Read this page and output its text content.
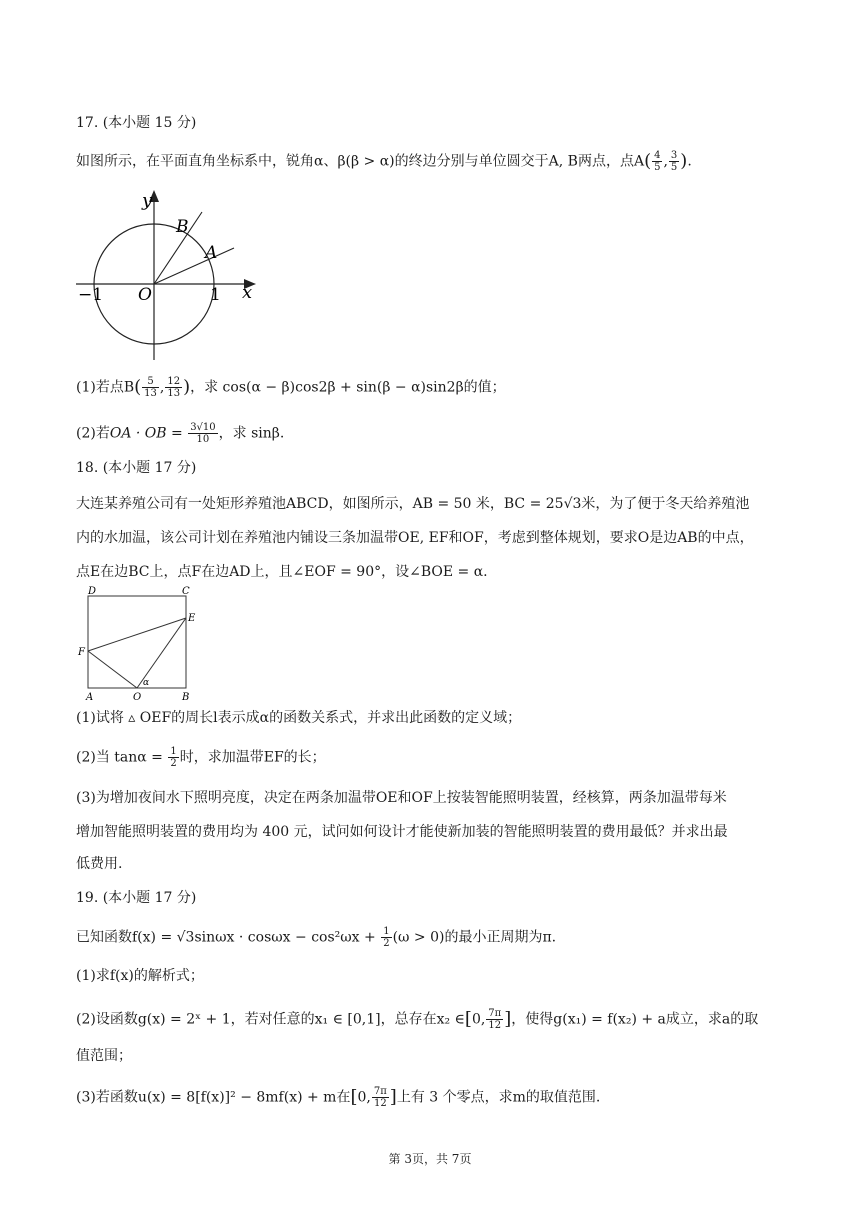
17. (本小题 15 分)
如图所示，在平面直角坐标系中，锐角α、β(β > α)的终边分别与单位圆交于A, B两点，点$A( \frac{4}{5}$ , $\frac{3}{5}$ ).
y
x
B
A
O
−1	1
(1)若点$B( \frac{5}{13}$ , $\frac{12}{13}$ )，求 cos(α − β)cos2β + sin(β − α)sin2β的值；
(2)若OA · OB = $\frac{3√10}{10}$ ，求 sinβ.
18. (本小题 17 分)
大连某养殖公司有一处矩形养殖池ABCD，如图所示，AB = 50 米，BC = 25√3米，为了便于冬天给养殖池
内的水加温，该公司计划在养殖池内铺设三条加温带OE, EF和OF，考虑到整体规划，要求O是边AB的中点，
点E在边BC上，点F在边AD上，且∠EOF = 90°，设∠BOE = α.
D	C
E
F
A	O	B
α
(1)试将 ▵ OEF的周长l表示成α的函数关系式，并求出此函数的定义域；
(2)当 $\tan\alpha = \frac{1}{2}$ 时，求加温带EF的长；
(3)为增加夜间水下照明亮度，决定在两条加温带OE和OF上按装智能照明装置，经核算，两条加温带每米
增加智能照明装置的费用均为 400 元，试问如何设计才能使新加装的智能照明装置的费用最低？并求出最
低费用.
19. (本小题 17 分)
已知函数$f(x) = √3\sin\omega x \cdot \cos\omega x - \cos^2\omega x + \frac{1}{2} (\omega > 0)$的最小正周期为π.
(1)求f(x)的解析式；
(2)设函数g(x) = 2ˣ + 1，若对任意的x₁ ∈ [0,1]，总存在x₂ ∈[0, $\frac{7\pi}{12}$ ]，使得g(x₁) = f(x₂) + a成立，求a的取
值范围；
(3)若函数u(x) = 8[f(x)]² − 8mf(x) + m在[0, $\frac{7\pi}{12}$ ]上有 3 个零点，求m的取值范围.
第 3页，共 7页
